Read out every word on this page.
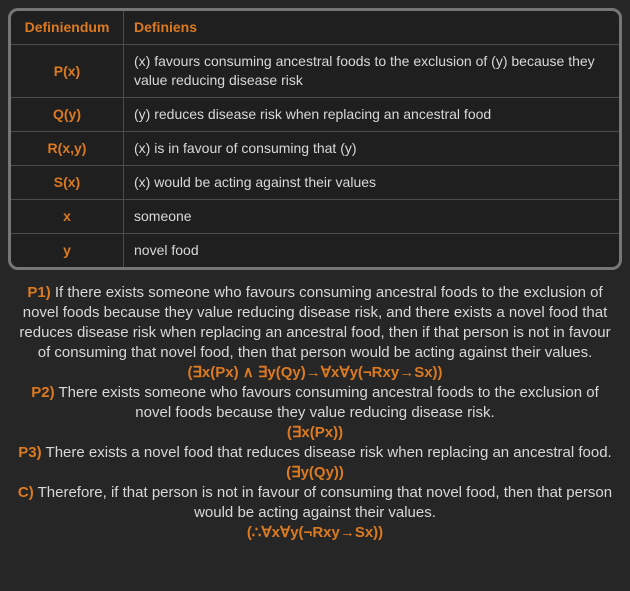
Definiendum	Definiens
P(x)	(x) favours consuming ancestral foods to the exclusion of (y) because they value reducing disease risk
Q(y)	(y) reduces disease risk when replacing an ancestral food
R(x,y)	(x) is in favour of consuming that (y)
S(x)	(x) would be acting against their values
x	someone
y	novel food

P1) If there exists someone who favours consuming ancestral foods to the exclusion of novel foods because they value reducing disease risk, and there exists a novel food that reduces disease risk when replacing an ancestral food, then if that person is not in favour of consuming that novel food, then that person would be acting against their values.

(∃x(Px) ∧ ∃y(Qy)→∀x∀y(¬Rxy→Sx))

P2) There exists someone who favours consuming ancestral foods to the exclusion of novel foods because they value reducing disease risk.

(∃x(Px))

P3) There exists a novel food that reduces disease risk when replacing an ancestral food.

(∃y(Qy))

C) Therefore, if that person is not in favour of consuming that novel food, then that person would be acting against their values.

(∴∀x∀y(¬Rxy→Sx))
